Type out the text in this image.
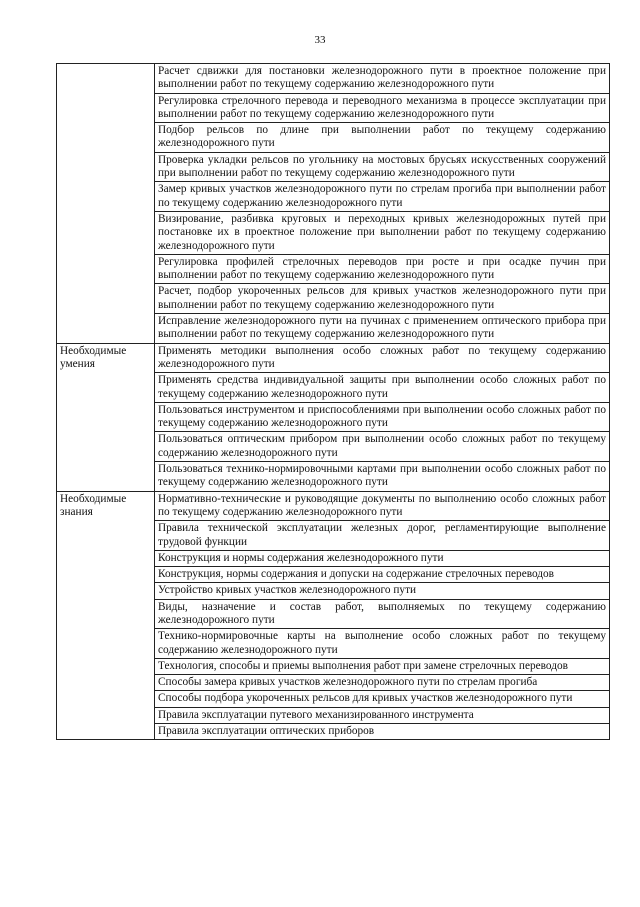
33
	Расчет сдвижки для постановки железнодорожного пути в проектное положение при выполнении работ по текущему содержанию железнодорожного пути
	Регулировка стрелочного перевода и переводного механизма в процессе эксплуатации при выполнении работ по текущему содержанию железнодорожного пути
	Подбор рельсов по длине при выполнении работ по текущему содержанию железнодорожного пути
	Проверка укладки рельсов по угольнику на мостовых брусьях искусственных сооружений при выполнении работ по текущему содержанию железнодорожного пути
	Замер кривых участков железнодорожного пути по стрелам прогиба при выполнении работ по текущему содержанию железнодорожного пути
	Визирование, разбивка круговых и переходных кривых железнодорожных путей при постановке их в проектное положение при выполнении работ по текущему содержанию железнодорожного пути
	Регулировка профилей стрелочных переводов при росте и при осадке пучин при выполнении работ по текущему содержанию железнодорожного пути
	Расчет, подбор укороченных рельсов для кривых участков железнодорожного пути при выполнении работ по текущему содержанию железнодорожного пути
	Исправление железнодорожного пути на пучинах с применением оптического прибора при выполнении работ по текущему содержанию железнодорожного пути

Необходимые умения	Применять методики выполнения особо сложных работ по текущему содержанию железнодорожного пути
	Применять средства индивидуальной защиты при выполнении особо сложных работ по текущему содержанию железнодорожного пути
	Пользоваться инструментом и приспособлениями при выполнении особо сложных работ по текущему содержанию железнодорожного пути
	Пользоваться оптическим прибором при выполнении особо сложных работ по текущему содержанию железнодорожного пути
	Пользоваться технико-нормировочными картами при выполнении особо сложных работ по текущему содержанию железнодорожного пути

Необходимые знания	Нормативно-технические и руководящие документы по выполнению особо сложных работ по текущему содержанию железнодорожного пути
	Правила технической эксплуатации железных дорог, регламентирующие выполнение трудовой функции
	Конструкция и нормы содержания железнодорожного пути
	Конструкция, нормы содержания и допуски на содержание стрелочных переводов
	Устройство кривых участков железнодорожного пути
	Виды, назначение и состав работ, выполняемых по текущему содержанию железнодорожного пути
	Технико-нормировочные карты на выполнение особо сложных работ по текущему содержанию железнодорожного пути
	Технология, способы и приемы выполнения работ при замене стрелочных переводов
	Способы замера кривых участков железнодорожного пути по стрелам прогиба
	Способы подбора укороченных рельсов для кривых участков железнодорожного пути
	Правила эксплуатации путевого механизированного инструмента
	Правила эксплуатации оптических приборов
